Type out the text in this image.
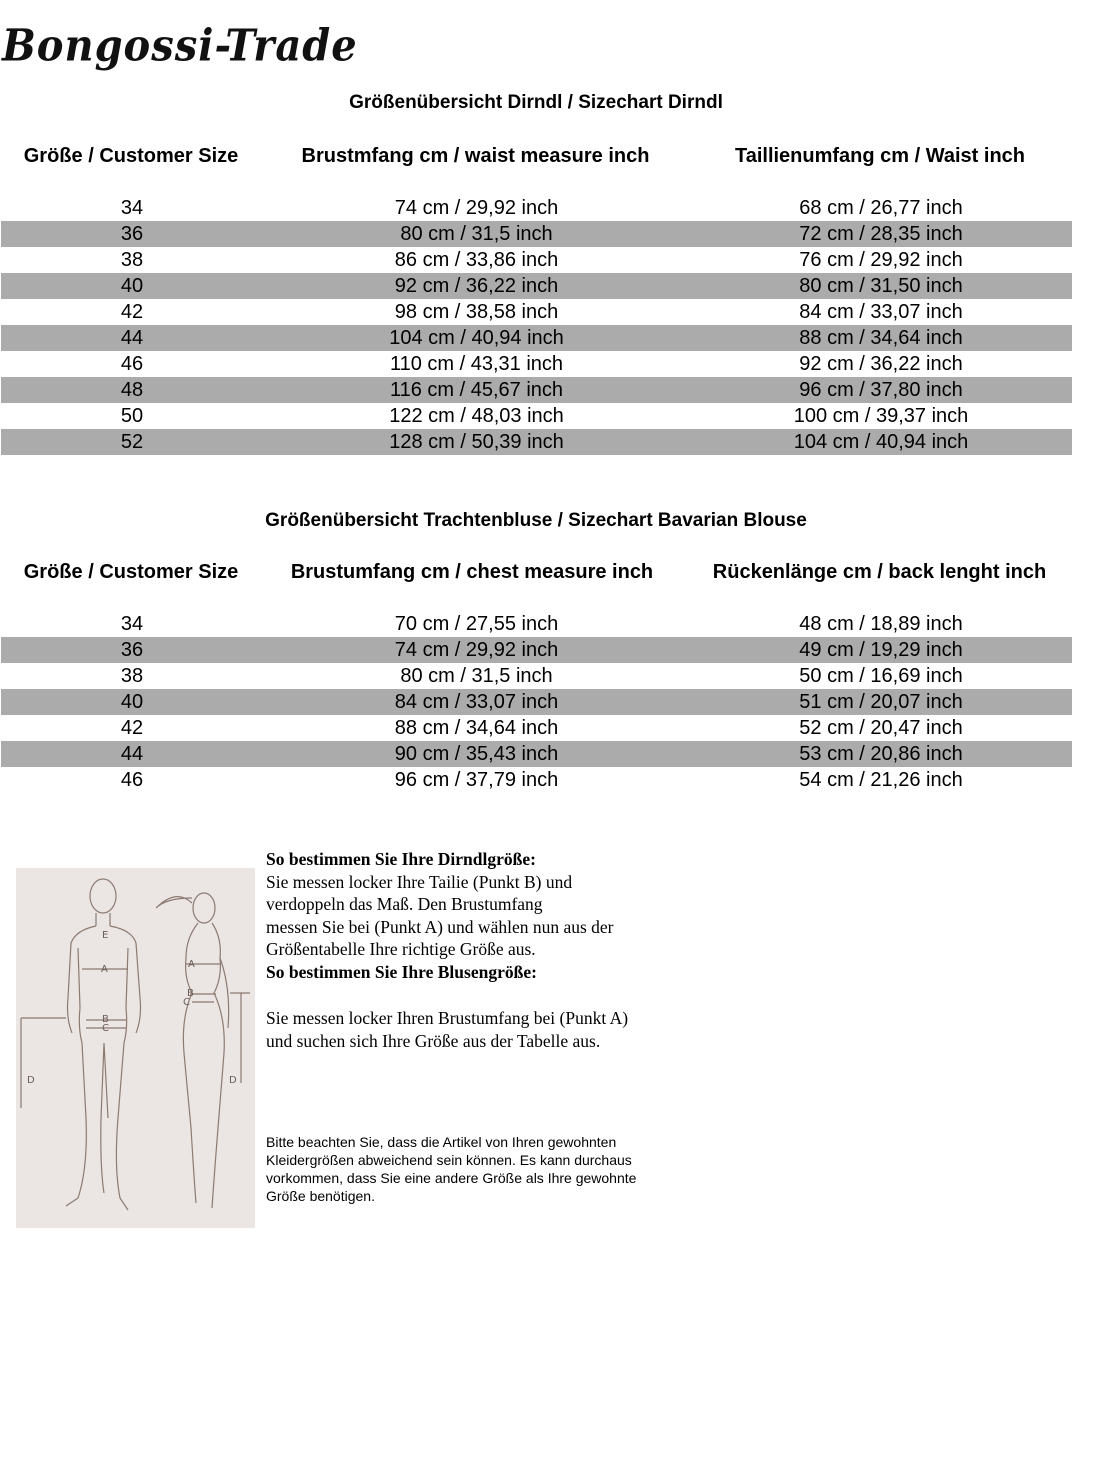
Bongossi-Trade
Größenübersicht Dirndl / Sizechart Dirndl
Größe / Customer Size	Brustmfang cm / waist measure inch	Taillienumfang cm / Waist inch
34	74 cm / 29,92 inch	68 cm / 26,77 inch
36	80 cm / 31,5 inch	72 cm / 28,35 inch
38	86 cm / 33,86 inch	76 cm / 29,92 inch
40	92 cm / 36,22 inch	80 cm / 31,50 inch
42	98 cm / 38,58 inch	84 cm / 33,07 inch
44	104 cm / 40,94 inch	88 cm / 34,64 inch
46	110 cm / 43,31 inch	92 cm / 36,22 inch
48	116 cm / 45,67 inch	96 cm / 37,80 inch
50	122 cm / 48,03 inch	100 cm / 39,37 inch
52	128 cm / 50,39 inch	104 cm / 40,94 inch
Größenübersicht Trachtenbluse / Sizechart Bavarian Blouse
Größe / Customer Size	Brustumfang cm / chest measure inch	Rückenlänge cm / back lenght inch
34	70 cm / 27,55 inch	48 cm / 18,89 inch
36	74 cm / 29,92 inch	49 cm / 19,29 inch
38	80 cm / 31,5 inch	50 cm / 16,69 inch
40	84 cm / 33,07 inch	51 cm / 20,07 inch
42	88 cm / 34,64 inch	52 cm / 20,47 inch
44	90 cm / 35,43 inch	53 cm / 20,86 inch
46	96 cm / 37,79 inch	54 cm / 21,26 inch
E
A	A
B
C
B
C
D	D
So bestimmen Sie Ihre Dirndlgröße:
Sie messen locker Ihre Tailie (Punkt B) und
verdoppeln das Maß. Den Brustumfang
messen Sie bei (Punkt A) und wählen nun aus der
Größentabelle Ihre richtige Größe aus.
So bestimmen Sie Ihre Blusengröße:
Sie messen locker Ihren Brustumfang bei (Punkt A)
und suchen sich Ihre Größe aus der Tabelle aus.
Bitte beachten Sie, dass die Artikel von Ihren gewohnten
Kleidergrößen abweichend sein können. Es kann durchaus
vorkommen, dass Sie eine andere Größe als Ihre gewohnte
Größe benötigen.
